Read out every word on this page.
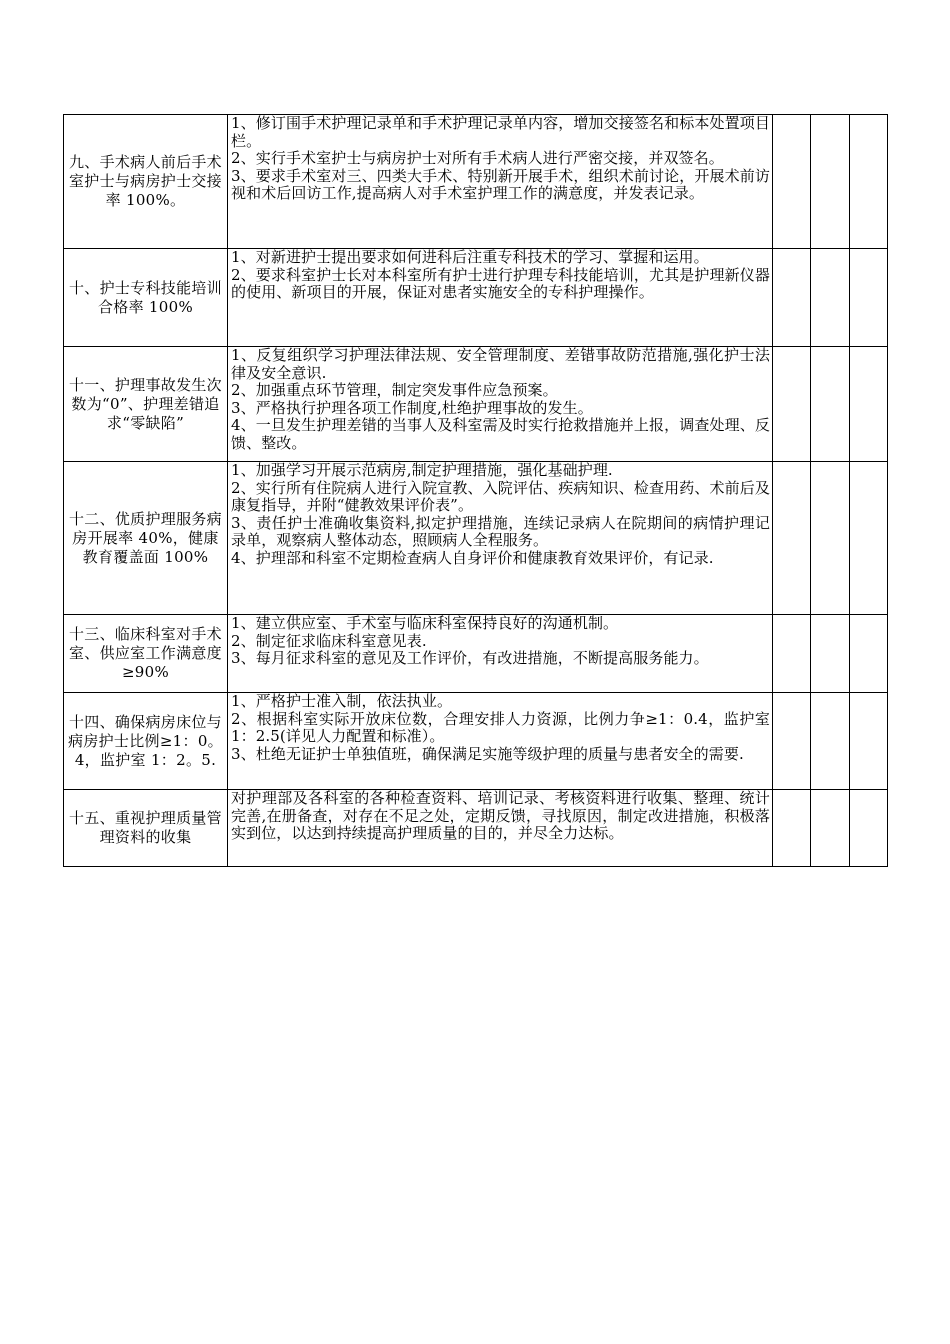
九、手术病人前后手术室护士与病房护士交接率 100%。	1、修订围手术护理记录单和手术护理记录单内容，增加交接签名和标本处置项目栏。

2、实行手术室护士与病房护士对所有手术病人进行严密交接，并双签名。

3、要求手术室对三、四类大手术、特别新开展手术，组织术前讨论，开展术前访视和术后回访工作,提高病人对手术室护理工作的满意度，并发表记录。			

十、护士专科技能培训合格率 100%	1、对新进护士提出要求如何进科后注重专科技术的学习、掌握和运用。

2、要求科室护士长对本科室所有护士进行护理专科技能培训，尤其是护理新仪器的使用、新项目的开展，保证对患者实施安全的专科护理操作。			

十一、护理事故发生次数为“0”、护理差错追求“零缺陷”	1、反复组织学习护理法律法规、安全管理制度、差错事故防范措施,强化护士法律及安全意识.

2、加强重点环节管理，制定突发事件应急预案。

3、严格执行护理各项工作制度,杜绝护理事故的发生。

4、一旦发生护理差错的当事人及科室需及时实行抢救措施并上报，调查处理、反馈、整改。			

十二、优质护理服务病房开展率 40%，健康教育覆盖面 100%	1、加强学习开展示范病房,制定护理措施，强化基础护理.

2、实行所有住院病人进行入院宣教、入院评估、疾病知识、检查用药、术前后及康复指导，并附“健教效果评价表”。

3、责任护士准确收集资料,拟定护理措施，连续记录病人在院期间的病情护理记录单，观察病人整体动态，照顾病人全程服务。

4、护理部和科室不定期检查病人自身评价和健康教育效果评价，有记录.			

十三、临床科室对手术室、供应室工作满意度≥90%	1、建立供应室、手术室与临床科室保持良好的沟通机制。

2、制定征求临床科室意见表.

3、每月征求科室的意见及工作评价，有改进措施，不断提高服务能力。			

十四、确保病房床位与病房护士比例≥1：0。4，监护室 1：2。5.	1、严格护士准入制，依法执业。

2、根据科室实际开放床位数，合理安排人力资源，比例力争≥1：0.4，监护室 1：2.5(详见人力配置和标准）。

3、杜绝无证护士单独值班，确保满足实施等级护理的质量与患者安全的需要.			

十五、重视护理质量管理资料的收集	对护理部及各科室的各种检查资料、培训记录、考核资料进行收集、整理、统计完善,在册备查，对存在不足之处，定期反馈，寻找原因，制定改进措施，积极落实到位，以达到持续提高护理质量的目的，并尽全力达标。			
